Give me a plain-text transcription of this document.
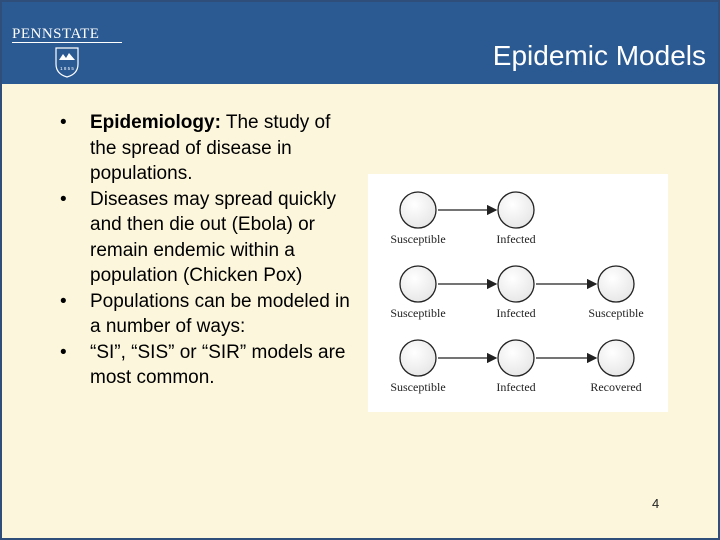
PENNSTATE
1 8 5 5	Epidemic Models

• Epidemiology: The study of the spread of disease in populations.

• Diseases may spread quickly and then die out (Ebola) or remain endemic within a population (Chicken Pox)

• Populations can be modeled in a number of ways:

• “SI”, “SIS” or “SIR” models are most common.

Susceptible	Infected
Susceptible	Infected	Susceptible
Susceptible	Infected	Recovered
4
